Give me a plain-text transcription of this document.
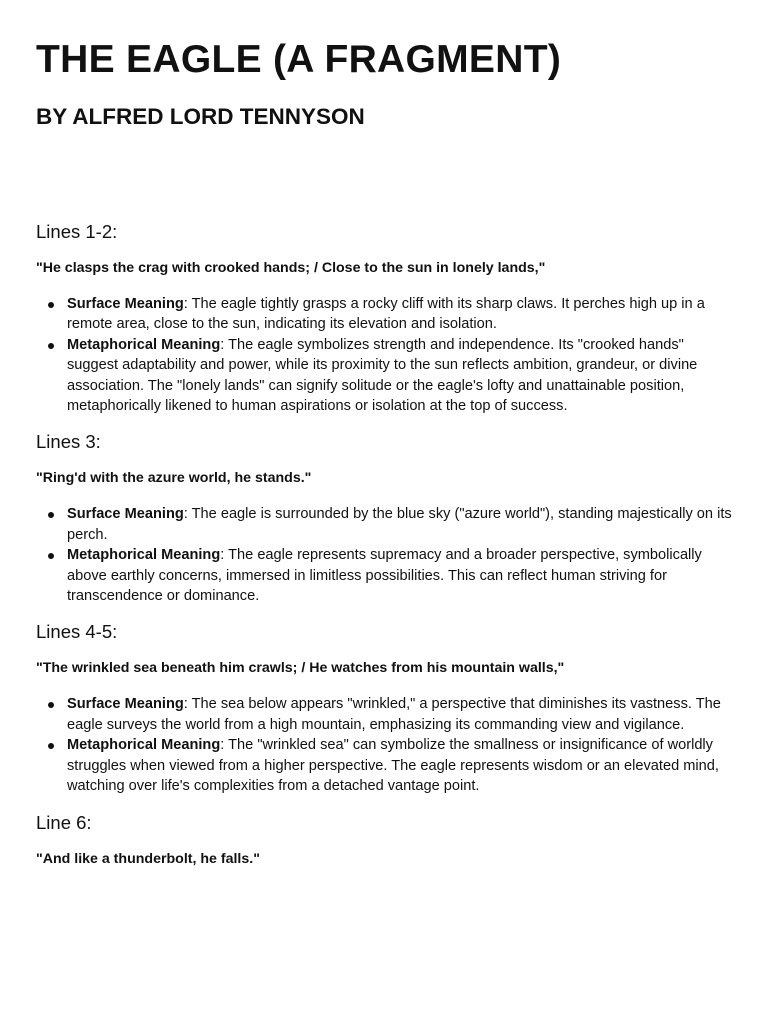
THE EAGLE (A FRAGMENT)
BY ALFRED LORD TENNYSON
Lines 1-2:
"He clasps the crag with crooked hands; / Close to the sun in lonely lands,"
Surface Meaning: The eagle tightly grasps a rocky cliff with its sharp claws. It perches high up in a remote area, close to the sun, indicating its elevation and isolation.
Metaphorical Meaning: The eagle symbolizes strength and independence. Its "crooked hands" suggest adaptability and power, while its proximity to the sun reflects ambition, grandeur, or divine association. The "lonely lands" can signify solitude or the eagle's lofty and unattainable position, metaphorically likened to human aspirations or isolation at the top of success.
Lines 3:
"Ring'd with the azure world, he stands."
Surface Meaning: The eagle is surrounded by the blue sky ("azure world"), standing majestically on its perch.
Metaphorical Meaning: The eagle represents supremacy and a broader perspective, symbolically above earthly concerns, immersed in limitless possibilities. This can reflect human striving for transcendence or dominance.
Lines 4-5:
"The wrinkled sea beneath him crawls; / He watches from his mountain walls,"
Surface Meaning: The sea below appears "wrinkled," a perspective that diminishes its vastness. The eagle surveys the world from a high mountain, emphasizing its commanding view and vigilance.
Metaphorical Meaning: The "wrinkled sea" can symbolize the smallness or insignificance of worldly struggles when viewed from a higher perspective. The eagle represents wisdom or an elevated mind, watching over life's complexities from a detached vantage point.
Line 6:
"And like a thunderbolt, he falls."
